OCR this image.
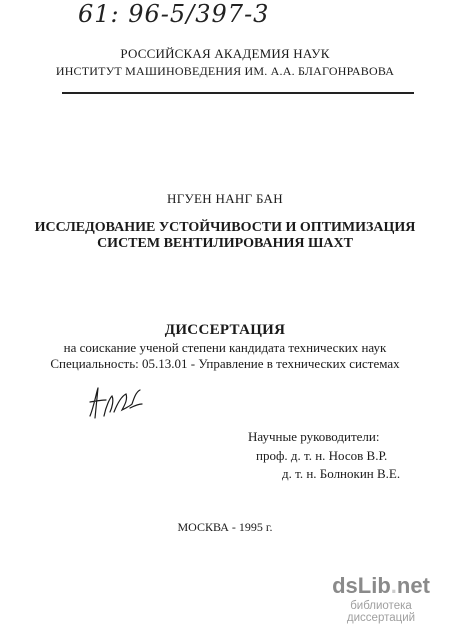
61: 96-5/397-3
РОССИЙСКАЯ АКАДЕМИЯ НАУК
ИНСТИТУТ МАШИНОВЕДЕНИЯ ИМ. А.А. БЛАГОНРАВОВА
НГУЕН НАНГ БАН
ИССЛЕДОВАНИЕ УСТОЙЧИВОСТИ И ОПТИМИЗАЦИЯ
СИСТЕМ ВЕНТИЛИРОВАНИЯ ШАХТ
ДИССЕРТАЦИЯ
на соискание ученой степени кандидата технических наук
Специальность: 05.13.01 - Управление в технических системах
Научные руководители:
проф. д. т. н. Носов В.Р.
д. т. н. Болнокин В.Е.
МОСКВА - 1995 г.
dsLib.net
библиотека диссертаций
